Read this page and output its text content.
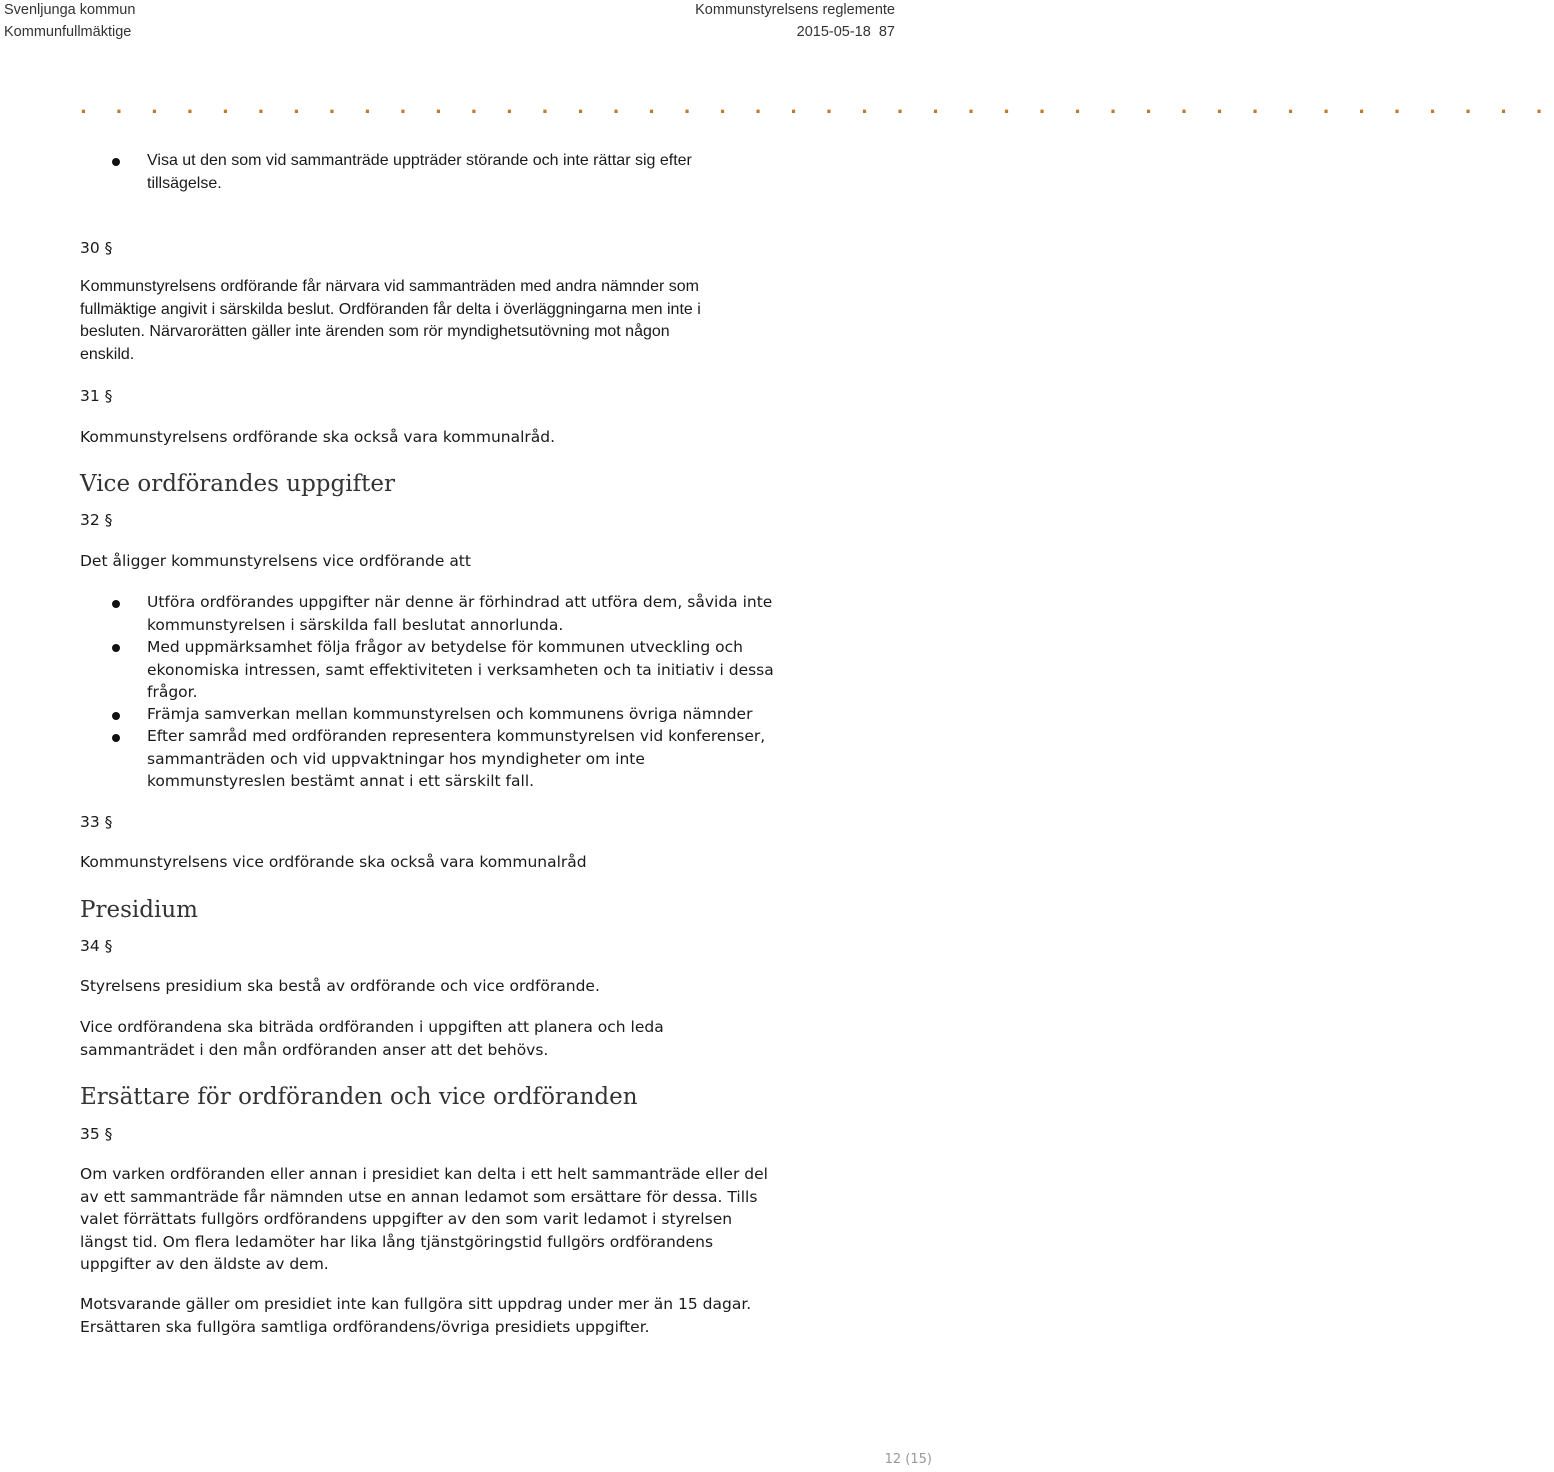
Svenljunga kommun
Kommunfullmäktige
Kommunstyrelsens reglemente
2015-05-18  87
. . . . . . . . . . . . . . . . . . . . . . . . . . . . . . . . . . . . . . . . . .
Visa ut den som vid sammanträde uppträder störande och inte rättar sig efter
tillsägelse.
30 §
Kommunstyrelsens ordförande får närvara vid sammanträden med andra nämnder som
fullmäktige angivit i särskilda beslut. Ordföranden får delta i överläggningarna men inte i
besluten. Närvarorätten gäller inte ärenden som rör myndighetsutövning mot någon
enskild.
31 §
Kommunstyrelsens ordförande ska också vara kommunalråd.
Vice ordförandes uppgifter
32 §
Det åligger kommunstyrelsens vice ordförande att
Utföra ordförandes uppgifter när denne är förhindrad att utföra dem, såvida inte
kommunstyrelsen i särskilda fall beslutat annorlunda.
Med uppmärksamhet följa frågor av betydelse för kommunen utveckling och
ekonomiska intressen, samt effektiviteten i verksamheten och ta initiativ i dessa
frågor.
Främja samverkan mellan kommunstyrelsen och kommunens övriga nämnder
Efter samråd med ordföranden representera kommunstyrelsen vid konferenser,
sammanträden och vid uppvaktningar hos myndigheter om inte
kommunstyreslen bestämt annat i ett särskilt fall.
33 §
Kommunstyrelsens vice ordförande ska också vara kommunalråd
Presidium
34 §
Styrelsens presidium ska bestå av ordförande och vice ordförande.
Vice ordförandena ska biträda ordföranden i uppgiften att planera och leda
sammanträdet i den mån ordföranden anser att det behövs.
Ersättare för ordföranden och vice ordföranden
35 §
Om varken ordföranden eller annan i presidiet kan delta i ett helt sammanträde eller del
av ett sammanträde får nämnden utse en annan ledamot som ersättare för dessa. Tills
valet förrättats fullgörs ordförandens uppgifter av den som varit ledamot i styrelsen
längst tid. Om flera ledamöter har lika lång tjänstgöringstid fullgörs ordförandens
uppgifter av den äldste av dem.
Motsvarande gäller om presidiet inte kan fullgöra sitt uppdrag under mer än 15 dagar.
Ersättaren ska fullgöra samtliga ordförandens/övriga presidiets uppgifter.
12 (15)
